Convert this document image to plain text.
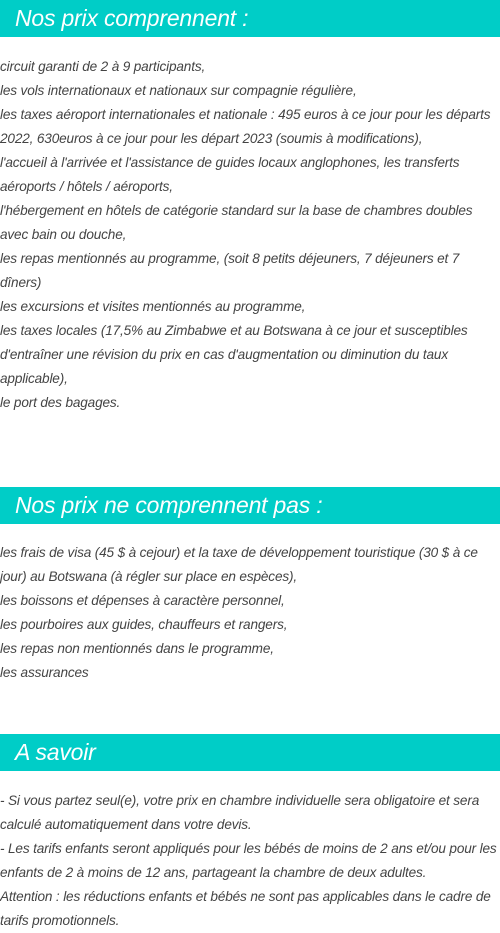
Nos prix comprennent :

circuit garanti de 2 à 9 participants,

les vols internationaux et nationaux sur compagnie régulière,

les taxes aéroport internationales et nationale : 495 euros à ce jour pour les départs 2022, 630euros à ce jour pour les départ 2023 (soumis à modifications),

l'accueil à l'arrivée et l'assistance de guides locaux anglophones, les transferts aéroports / hôtels / aéroports,

l'hébergement en hôtels de catégorie standard sur la base de chambres doubles avec bain ou douche,

les repas mentionnés au programme, (soit 8 petits déjeuners, 7 déjeuners et 7 dîners)

les excursions et visites mentionnés au programme,

les taxes locales (17,5% au Zimbabwe et au Botswana à ce jour et susceptibles d'entraîner une révision du prix en cas d'augmentation ou diminution du taux applicable),

le port des bagages.

Nos prix ne comprennent pas :

les frais de visa (45 $ à cejour) et la taxe de développement touristique (30 $ à ce jour) au Botswana (à régler sur place en espèces),

les boissons et dépenses à caractère personnel,

les pourboires aux guides, chauffeurs et rangers,

les repas non mentionnés dans le programme,

les assurances

A savoir

- Si vous partez seul(e), votre prix en chambre individuelle sera obligatoire et sera calculé automatiquement dans votre devis.

- Les tarifs enfants seront appliqués pour les bébés de moins de 2 ans et/ou pour les enfants de 2 à moins de 12 ans, partageant la chambre de deux adultes.

Attention : les réductions enfants et bébés ne sont pas applicables dans le cadre de tarifs promotionnels.
